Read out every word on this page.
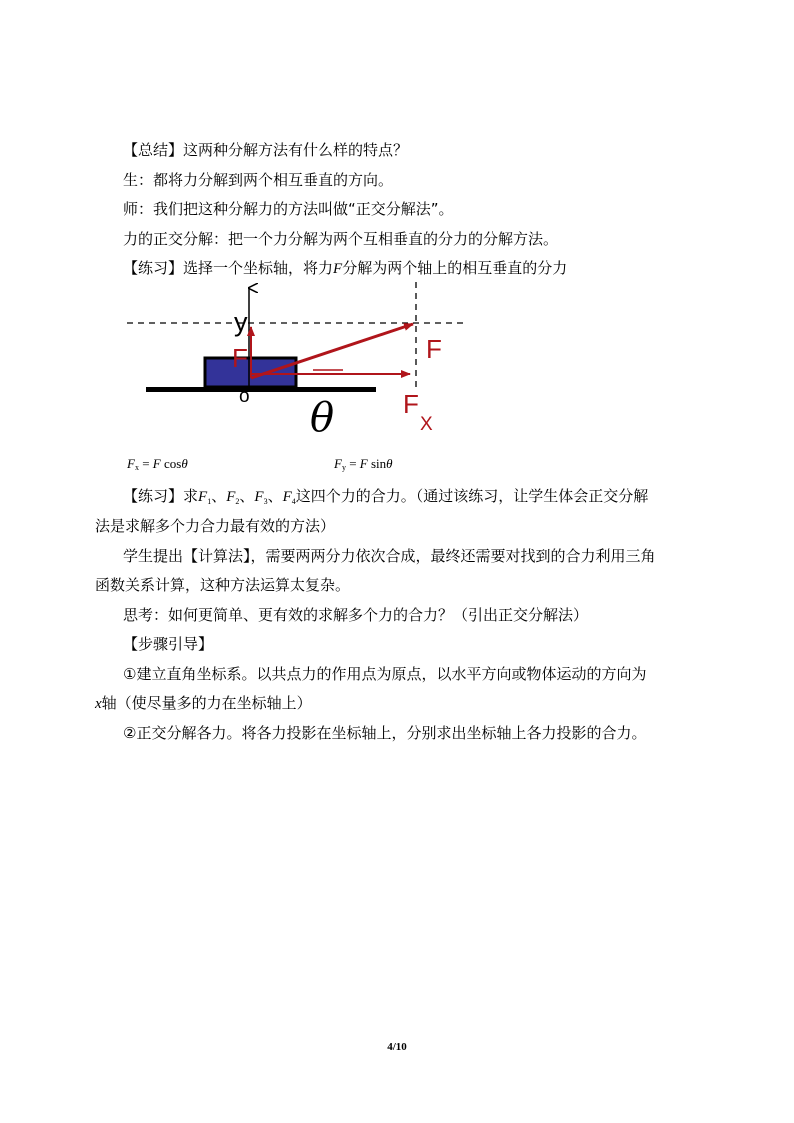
【总结】这两种分解方法有什么样的特点？
生：都将力分解到两个相互垂直的方向。
师：我们把这种分解力的方法叫做“正交分解法”。
力的正交分解：把一个力分解为两个互相垂直的分力的分解方法。
【练习】选择一个坐标轴，将力F分解为两个轴上的相互垂直的分力
y
F
o
F
F
X
θ
$F_x = F$ cosθ	$F_y = F$ sinθ
【练习】求$F_1$、$F_2$、$F_3$、$F_4$这四个力的合力。（通过该练习，让学生体会正交分解
法是求解多个力合力最有效的方法）
学生提出【计算法】，需要两两分力依次合成，最终还需要对找到的合力利用三角
函数关系计算，这种方法运算太复杂。
思考：如何更简单、更有效的求解多个力的合力？（引出正交分解法）
【步骤引导】
①建立直角坐标系。以共点力的作用点为原点，以水平方向或物体运动的方向为
x轴（使尽量多的力在坐标轴上）
②正交分解各力。将各力投影在坐标轴上，分别求出坐标轴上各力投影的合力。
4/10
